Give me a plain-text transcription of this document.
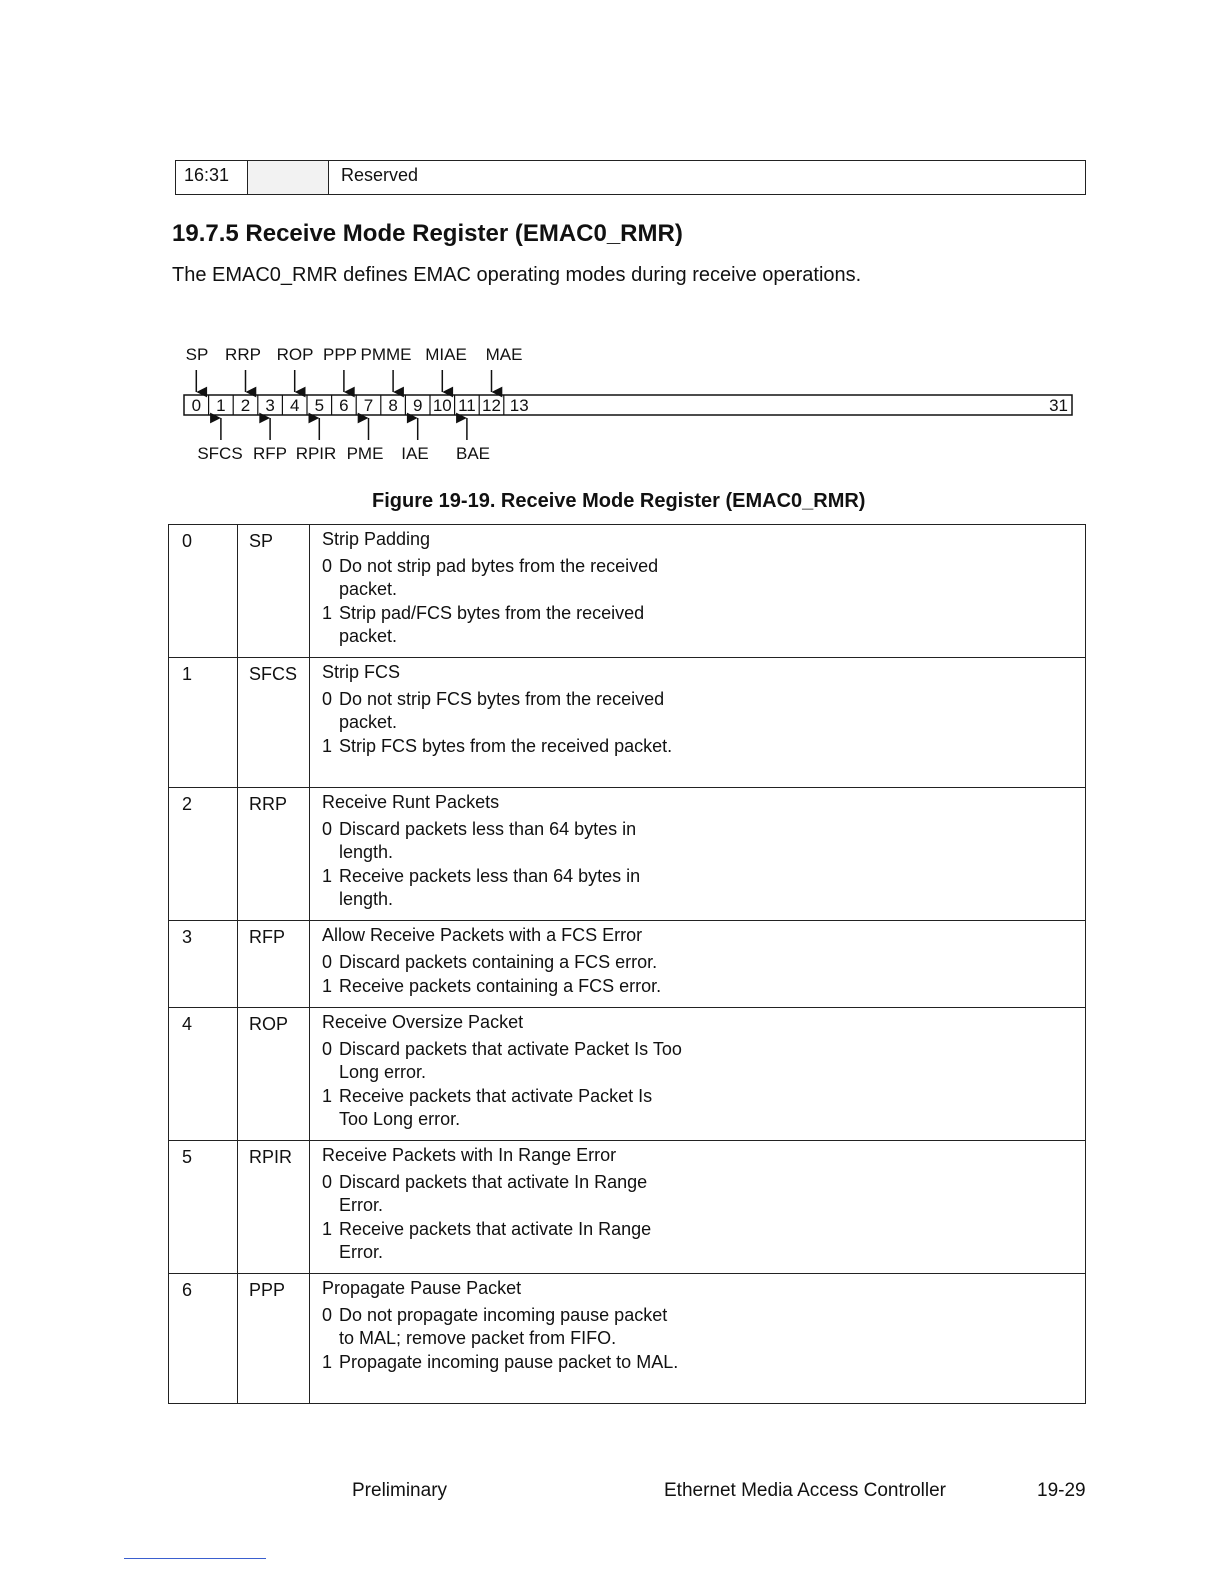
16:31	Reserved
19.7.5 Receive Mode Register (EMAC0_RMR)
The EMAC0_RMR defines EMAC operating modes during receive operations.
SP RRP ROP PPP PMME MIAE MAE
0 1 2 3 4 5 6 7 8 9 10 11 12 13	31
SFCS RFP RPIR PME IAE BAE
Figure 19-19. Receive Mode Register (EMAC0_RMR)
0	SP	Strip Padding
0 Do not strip pad bytes from the received packet.
1 Strip pad/FCS bytes from the received packet.

1	SFCS	Strip FCS
0 Do not strip FCS bytes from the received packet.
1 Strip FCS bytes from the received packet.

2	RRP	Receive Runt Packets
0 Discard packets less than 64 bytes in length.
1 Receive packets less than 64 bytes in length.

3	RFP	Allow Receive Packets with a FCS Error
0 Discard packets containing a FCS error.
1 Receive packets containing a FCS error.

4	ROP	Receive Oversize Packet
0 Discard packets that activate Packet Is Too Long error.
1 Receive packets that activate Packet Is Too Long error.

5	RPIR	Receive Packets with In Range Error
0 Discard packets that activate In Range Error.
1 Receive packets that activate In Range Error.

6	PPP	Propagate Pause Packet
0 Do not propagate incoming pause packet to MAL; remove packet from FIFO.
1 Propagate incoming pause packet to MAL.
Preliminary	Ethernet Media Access Controller	19-29
